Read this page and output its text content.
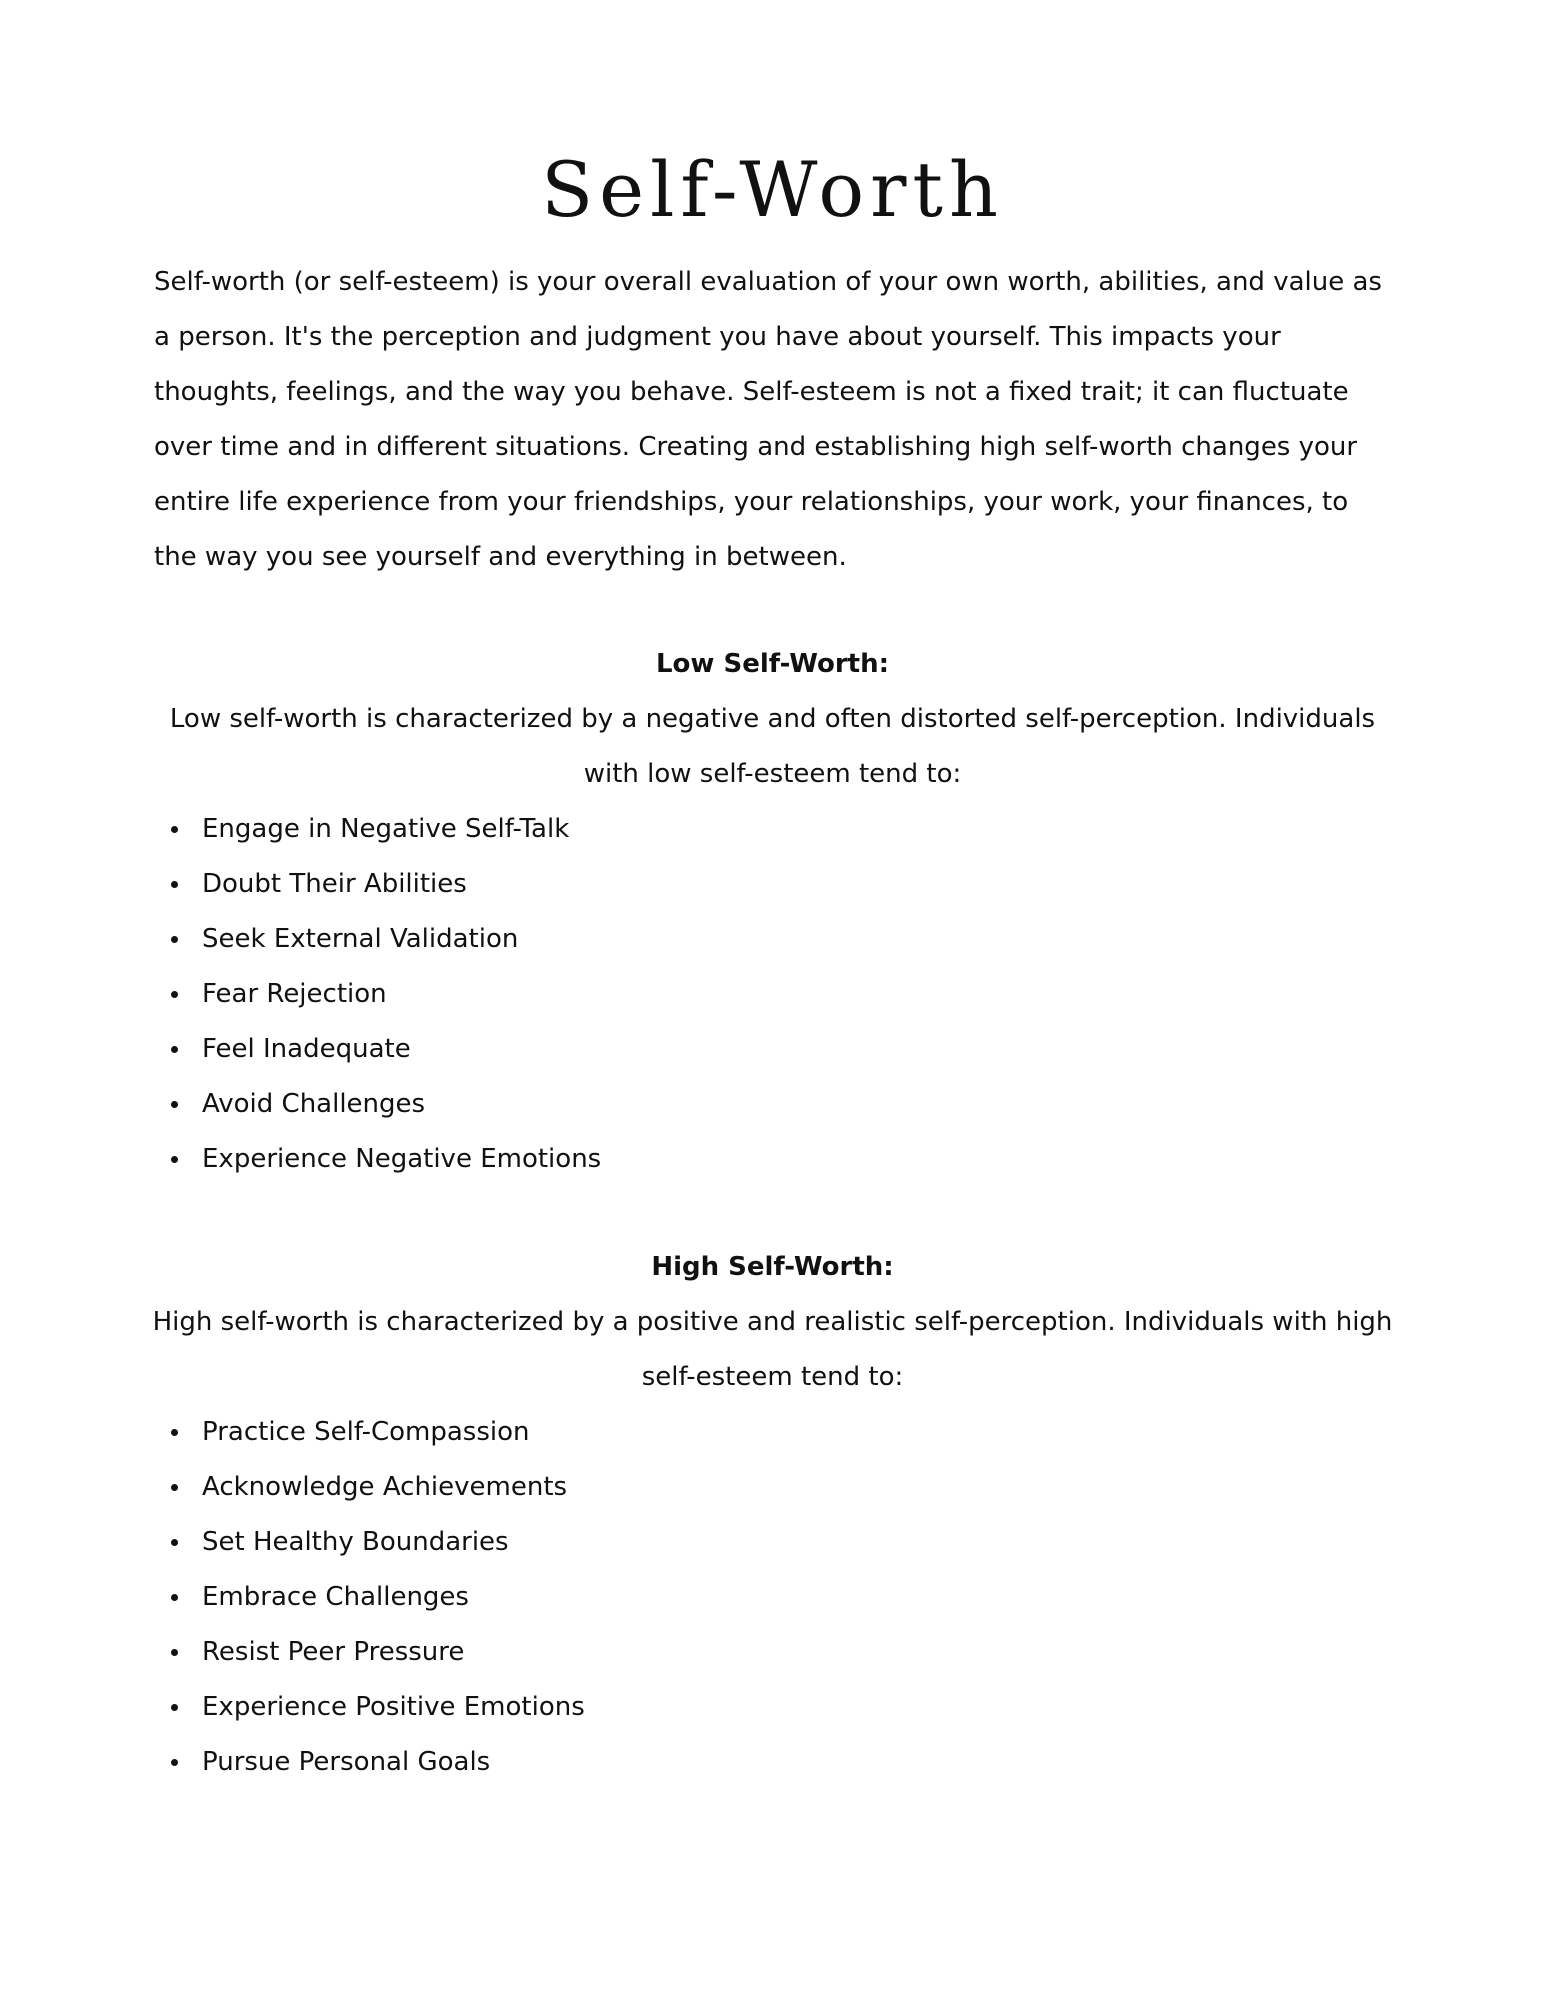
Self-Worth

Self-worth (or self-esteem) is your overall evaluation of your own worth, abilities, and value as a person. It's the perception and judgment you have about yourself. This impacts your thoughts, feelings, and the way you behave. Self-esteem is not a fixed trait; it can fluctuate over time and in different situations. Creating and establishing high self-worth changes your entire life experience from your friendships, your relationships, your work, your finances, to the way you see yourself and everything in between.

Low Self-Worth:

Low self-worth is characterized by a negative and often distorted self-perception. Individuals with low self-esteem tend to:

Engage in Negative Self-Talk
Doubt Their Abilities
Seek External Validation
Fear Rejection
Feel Inadequate
Avoid Challenges
Experience Negative Emotions
High Self-Worth:

High self-worth is characterized by a positive and realistic self-perception. Individuals with high self-esteem tend to:

Practice Self-Compassion
Acknowledge Achievements
Set Healthy Boundaries
Embrace Challenges
Resist Peer Pressure
Experience Positive Emotions
Pursue Personal Goals
